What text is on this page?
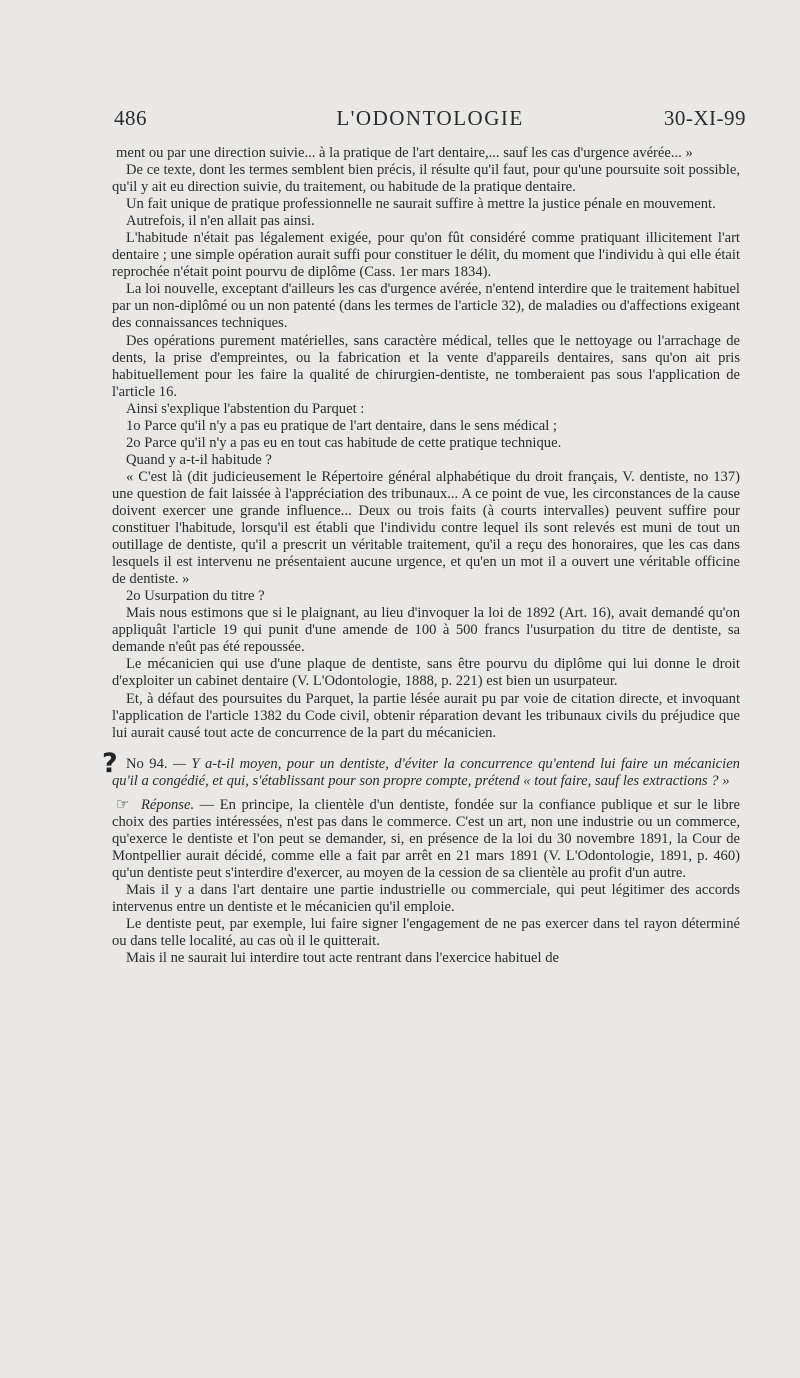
486	L'ODONTOLOGIE	30-XI-99

ment ou par une direction suivie... à la pratique de l'art dentaire,... sauf les cas d'urgence avérée... »

De ce texte, dont les termes semblent bien précis, il résulte qu'il faut, pour qu'une poursuite soit possible, qu'il y ait eu direction suivie, du traitement, ou habitude de la pratique dentaire.

Un fait unique de pratique professionnelle ne saurait suffire à mettre la justice pénale en mouvement.

Autrefois, il n'en allait pas ainsi.

L'habitude n'était pas légalement exigée, pour qu'on fût considéré comme pratiquant illicitement l'art dentaire ; une simple opération aurait suffi pour constituer le délit, du moment que l'individu à qui elle était reprochée n'était point pourvu de diplôme (Cass. 1er mars 1834).

La loi nouvelle, exceptant d'ailleurs les cas d'urgence avérée, n'entend interdire que le traitement habituel par un non-diplômé ou un non patenté (dans les termes de l'article 32), de maladies ou d'affections exigeant des connaissances techniques.

Des opérations purement matérielles, sans caractère médical, telles que le nettoyage ou l'arrachage de dents, la prise d'empreintes, ou la fabrication et la vente d'appareils dentaires, sans qu'on ait pris habituellement pour les faire la qualité de chirurgien-dentiste, ne tomberaient pas sous l'application de l'article 16.

Ainsi s'explique l'abstention du Parquet :

1o Parce qu'il n'y a pas eu pratique de l'art dentaire, dans le sens médical ;

2o Parce qu'il n'y a pas eu en tout cas habitude de cette pratique technique.

Quand y a-t-il habitude ?

« C'est là (dit judicieusement le Répertoire général alphabétique du droit français, V. dentiste, no 137) une question de fait laissée à l'appréciation des tribunaux... A ce point de vue, les circonstances de la cause doivent exercer une grande influence... Deux ou trois faits (à courts intervalles) peuvent suffire pour constituer l'habitude, lorsqu'il est établi que l'individu contre lequel ils sont relevés est muni de tout un outillage de dentiste, qu'il a prescrit un véritable traitement, qu'il a reçu des honoraires, que les cas dans lesquels il est intervenu ne présentaient aucune urgence, et qu'en un mot il a ouvert une véritable officine de dentiste. »

2o Usurpation du titre ?

Mais nous estimons que si le plaignant, au lieu d'invoquer la loi de 1892 (Art. 16), avait demandé qu'on appliquât l'article 19 qui punit d'une amende de 100 à 500 francs l'usurpation du titre de dentiste, sa demande n'eût pas été repoussée.

Le mécanicien qui use d'une plaque de dentiste, sans être pourvu du diplôme qui lui donne le droit d'exploiter un cabinet dentaire (V. L'Odontologie, 1888, p. 221) est bien un usurpateur.

Et, à défaut des poursuites du Parquet, la partie lésée aurait pu par voie de citation directe, et invoquant l'application de l'article 1382 du Code civil, obtenir réparation devant les tribunaux civils du préjudice que lui aurait causé tout acte de concurrence de la part du mécanicien.

? No 94. — Y a-t-il moyen, pour un dentiste, d'éviter la concurrence qu'entend lui faire un mécanicien qu'il a congédié, et qui, s'établissant pour son propre compte, prétend « tout faire, sauf les extractions ? »

☞ Réponse. — En principe, la clientèle d'un dentiste, fondée sur la confiance publique et sur le libre choix des parties intéressées, n'est pas dans le commerce. C'est un art, non une industrie ou un commerce, qu'exerce le dentiste et l'on peut se demander, si, en présence de la loi du 30 novembre 1891, la Cour de Montpellier aurait décidé, comme elle a fait par arrêt en 21 mars 1891 (V. L'Odontologie, 1891, p. 460) qu'un dentiste peut s'interdire d'exercer, au moyen de la cession de sa clientèle au profit d'un autre.

Mais il y a dans l'art dentaire une partie industrielle ou commerciale, qui peut légitimer des accords intervenus entre un dentiste et le mécanicien qu'il emploie.

Le dentiste peut, par exemple, lui faire signer l'engagement de ne pas exercer dans tel rayon déterminé ou dans telle localité, au cas où il le quitterait.

Mais il ne saurait lui interdire tout acte rentrant dans l'exercice habituel de
